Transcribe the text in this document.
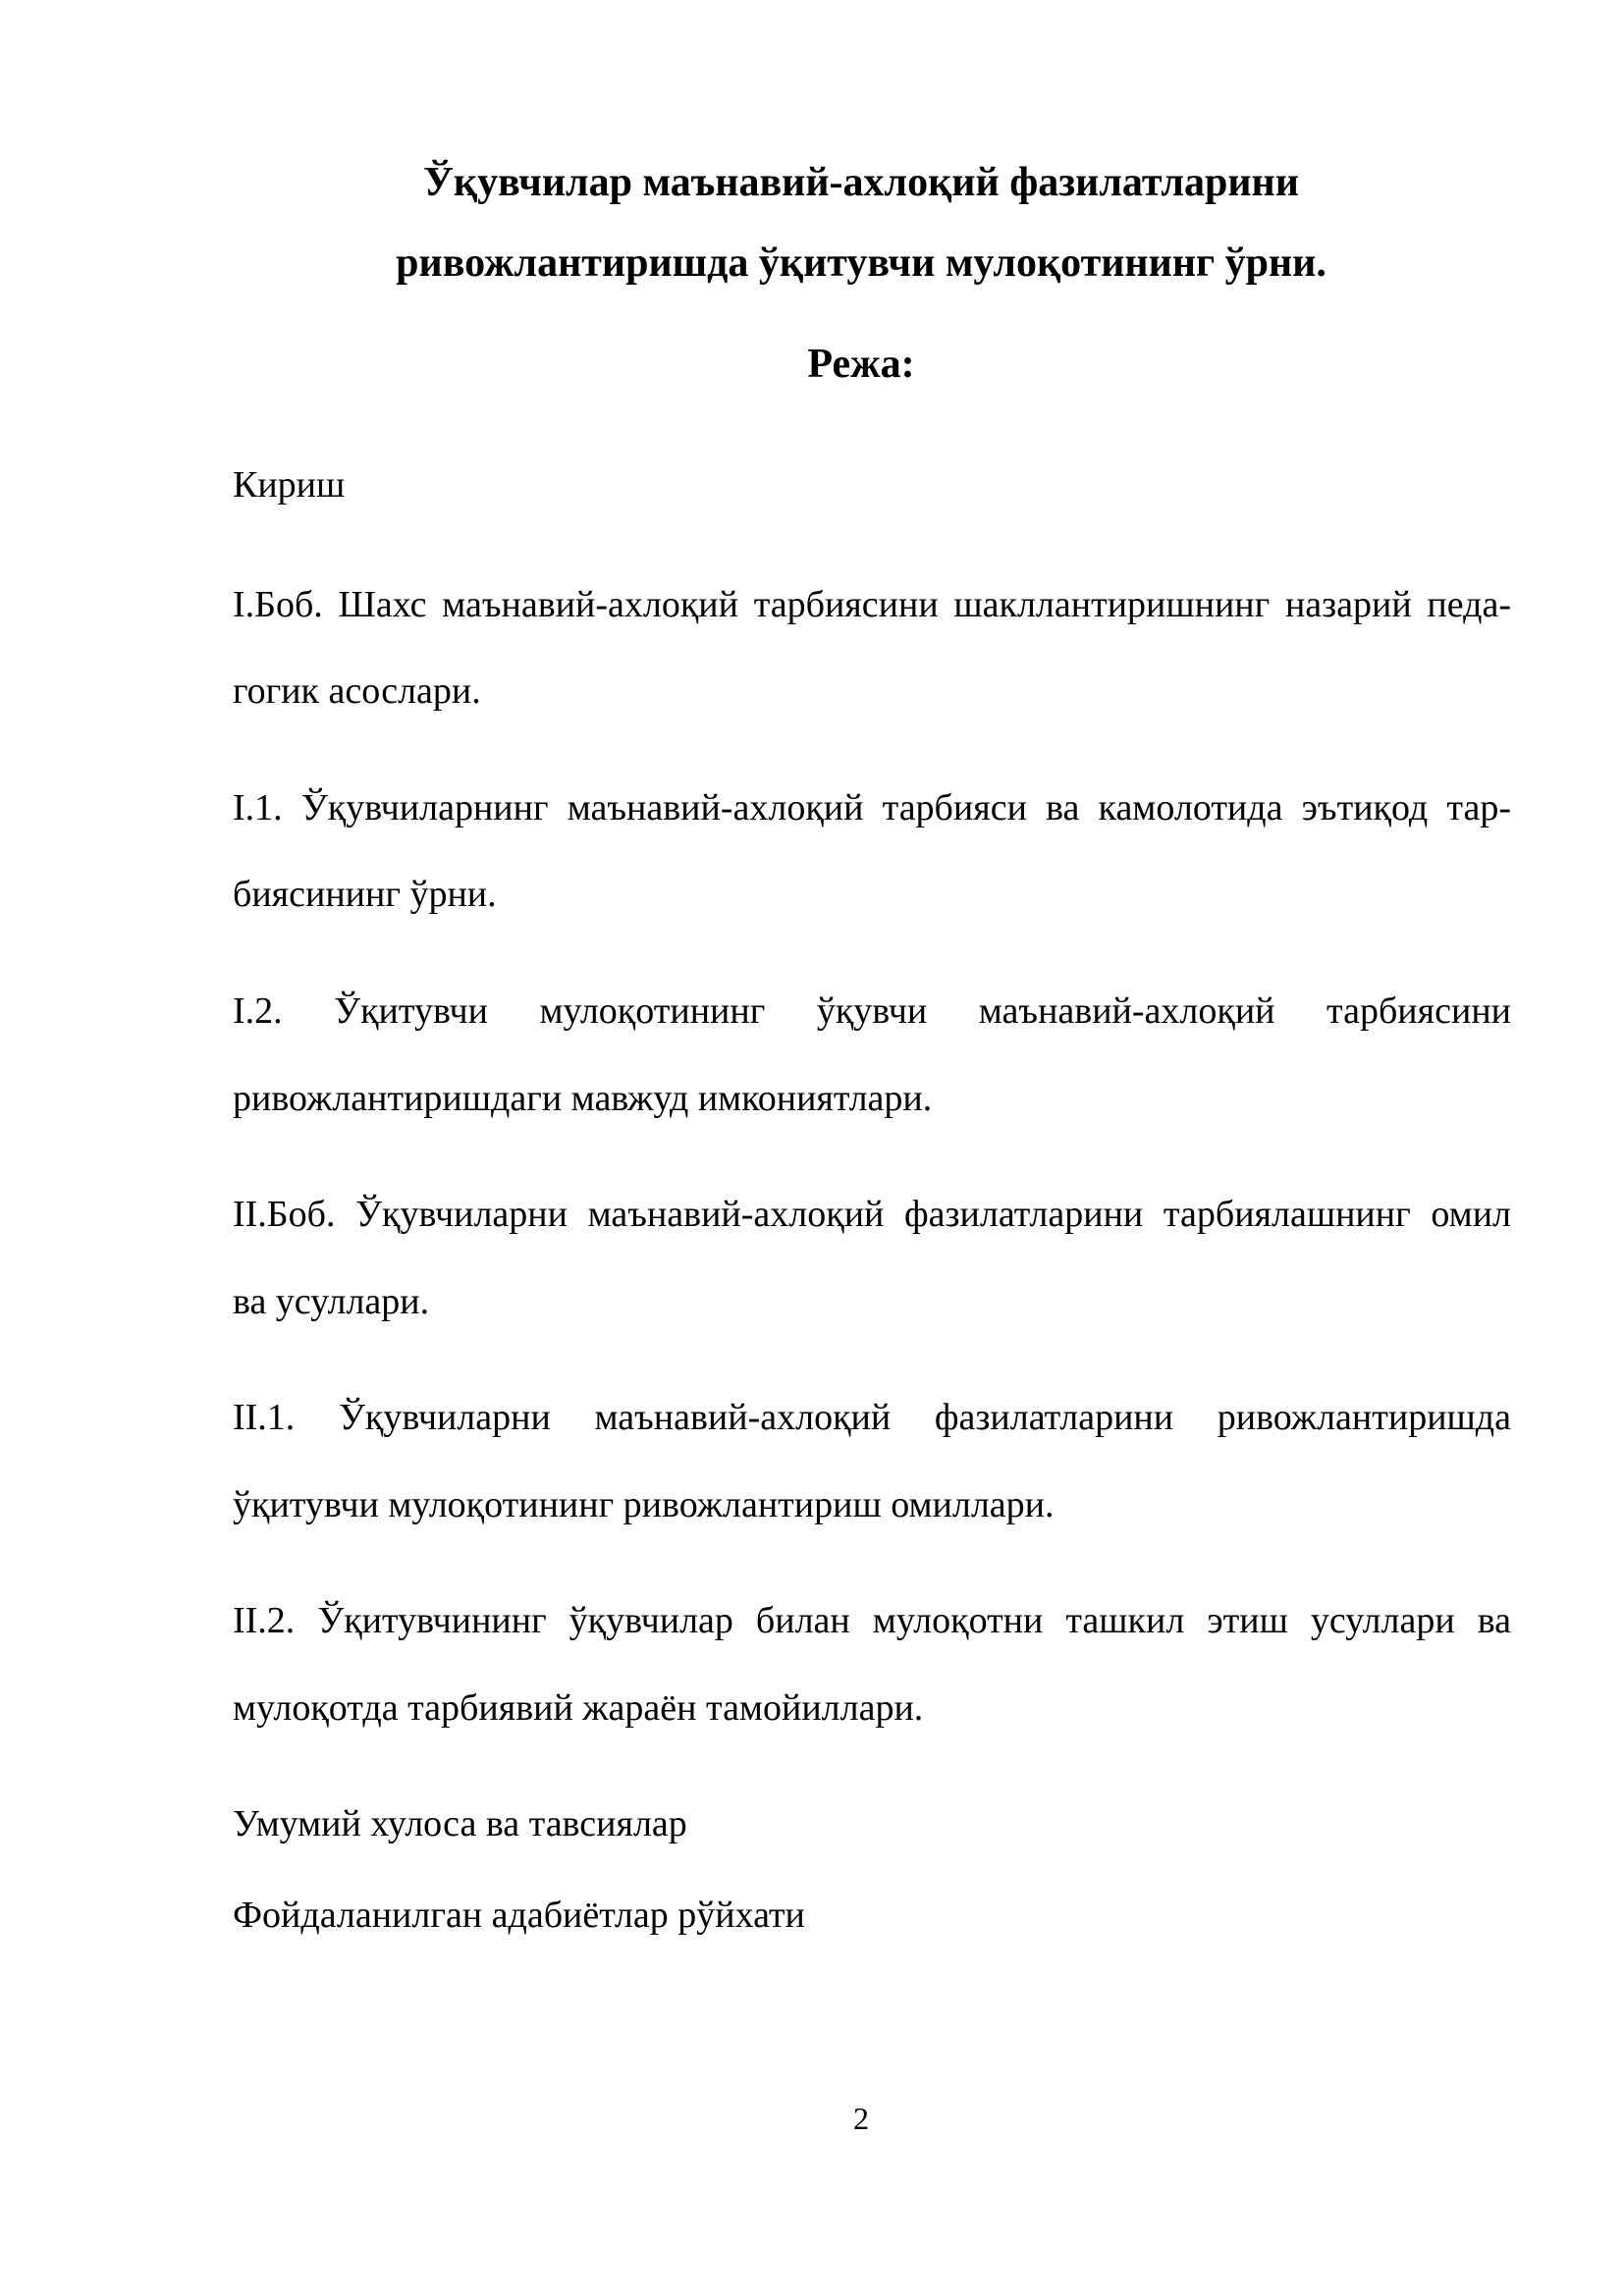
Ўқувчилар маънавий-ахлоқий фазилатларини
ривожлантиришда ўқитувчи мулоқотининг ўрни.
Режа:
Кириш
I.Боб. Шахс маънавий-ахлоқий тарбиясини шакллантиришнинг назарий педа-
гогик асослари.
I.1. Ўқувчиларнинг маънавий-ахлоқий тарбияси ва камолотида эътиқод тар-
биясининг ўрни.
I.2. Ўқитувчи мулоқотининг ўқувчи маънавий-ахлоқий тарбиясини
ривожлантиришдаги мавжуд имкониятлари.
II.Боб. Ўқувчиларни маънавий-ахлоқий фазилатларини тарбиялашнинг омил
ва усуллари.
II.1. Ўқувчиларни маънавий-ахлоқий фазилатларини ривожлантиришда
ўқитувчи мулоқотининг ривожлантириш омиллари.
II.2. Ўқитувчининг ўқувчилар билан мулоқотни ташкил этиш усуллари ва
мулоқотда тарбиявий жараён тамойиллари.
Умумий хулоса ва тавсиялар
Фойдаланилган адабиётлар рўйхати
2
